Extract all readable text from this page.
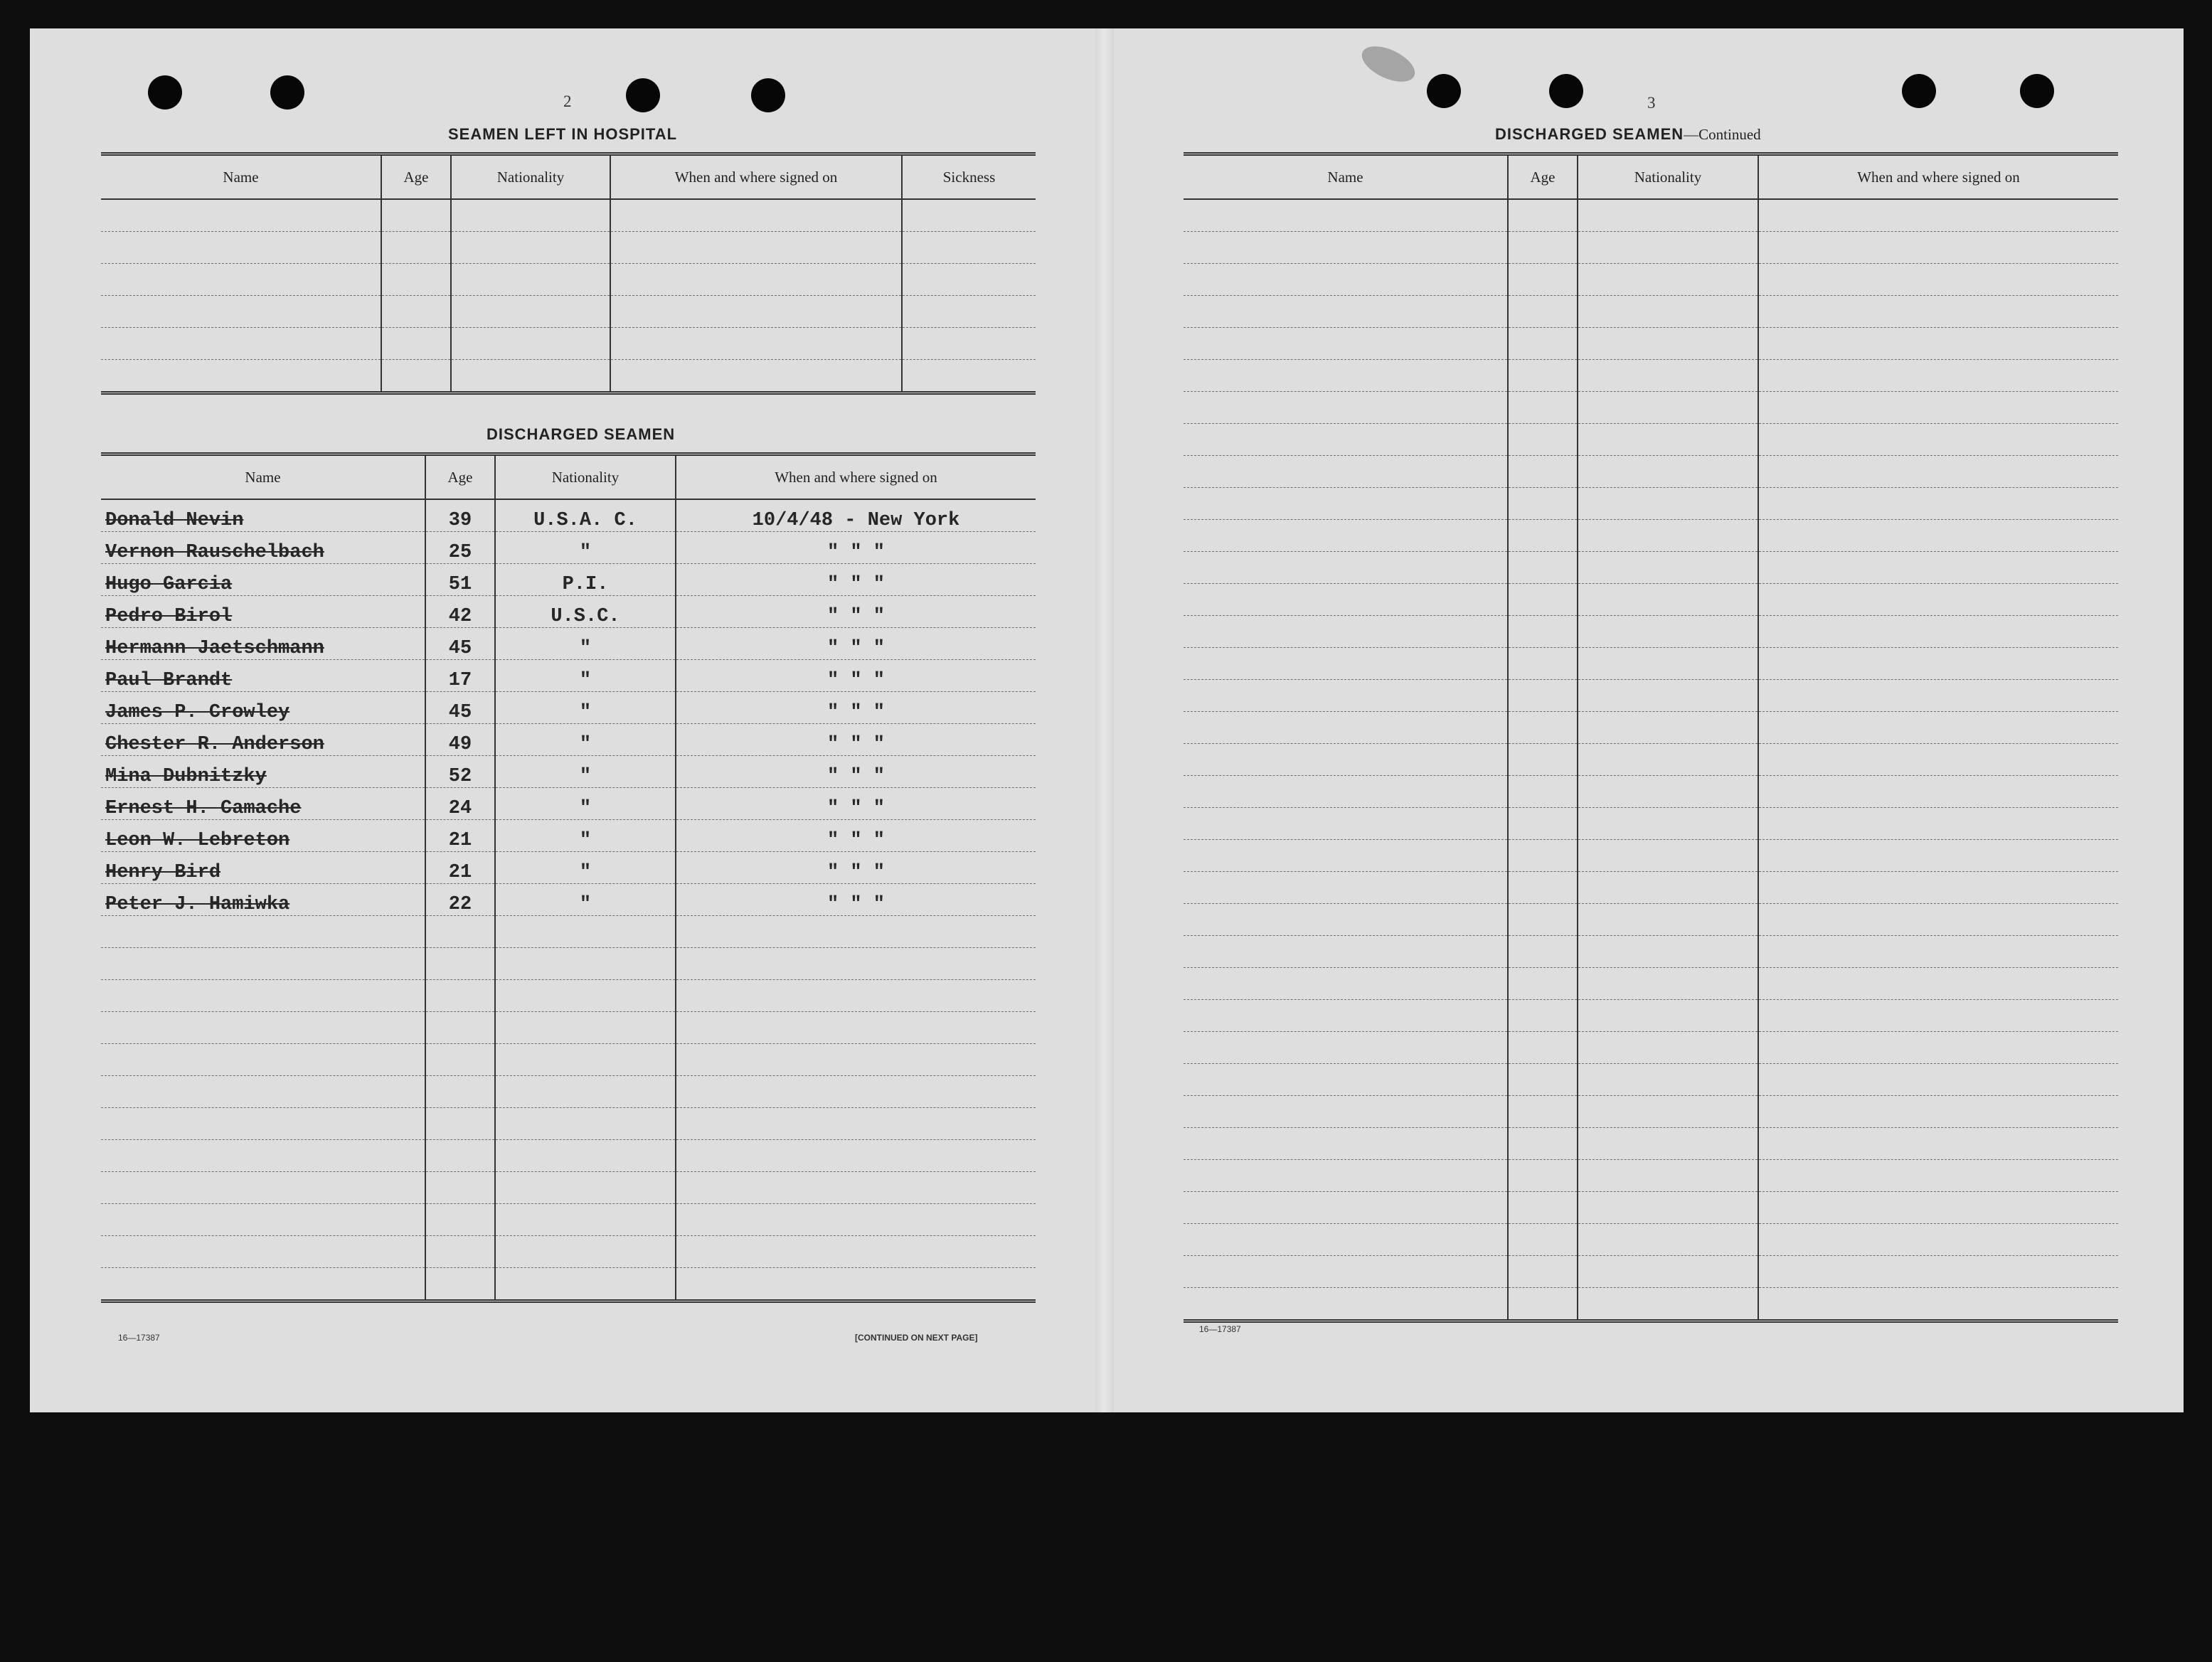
2
SEAMEN LEFT IN HOSPITAL
Name	Age	Nationality	When and where signed on	Sickness

DISCHARGED SEAMEN
Name	Age	Nationality	When and where signed on
Donald Nevin	39	U.S.A. C.	10/4/48 - New York
Vernon Rauschelbach	25	"	" " "
Hugo Garcia	51	P.I.	" " "
Pedro Birol	42	U.S.C.	" " "
Hermann Jaetschmann	45	"	" " "
Paul Brandt	17	"	" " "
James P. Crowley	45	"	" " "
Chester R. Anderson	49	"	" " "
Mina Dubnitzky	52	"	" " "
Ernest H. Camache	24	"	" " "
Leon W. Lebreton	21	"	" " "
Henry Bird	21	"	" " "
Peter J. Hamiwka	22	"	" " "

16—17387	[CONTINUED ON NEXT PAGE]
3
DISCHARGED SEAMEN—Continued
Name	Age	Nationality	When and where signed on

16—17387
